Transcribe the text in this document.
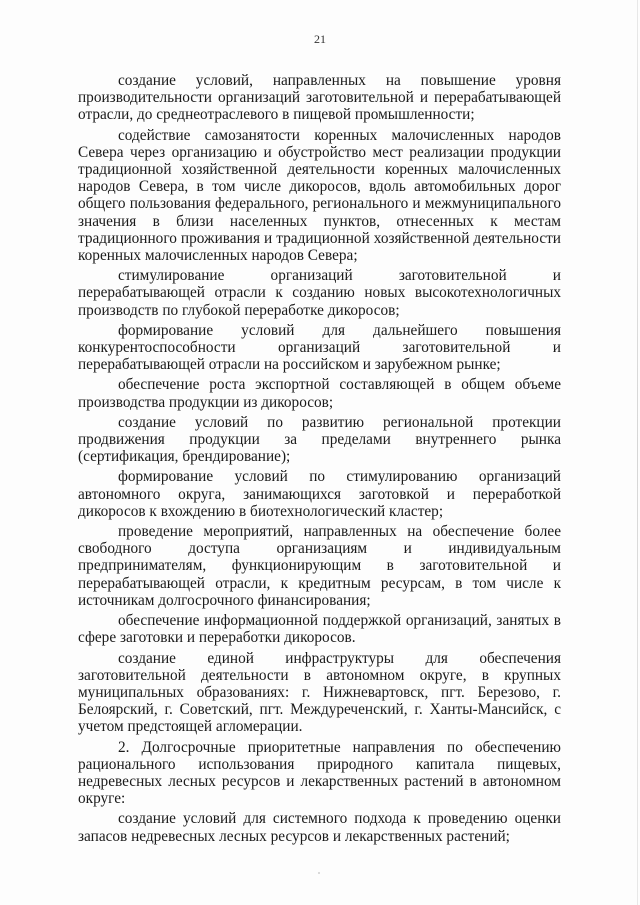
21

создание условий, направленных на повышение уровня производительности организаций заготовительной и перерабатывающей отрасли, до среднеотраслевого в пищевой промышленности;

содействие самозанятости коренных малочисленных народов Севера через организацию и обустройство мест реализации продукции традиционной хозяйственной деятельности коренных малочисленных народов Севера, в том числе дикоросов, вдоль автомобильных дорог общего пользования федерального, регионального и межмуниципального значения в близи населенных пунктов, отнесенных к местам традиционного проживания и традиционной хозяйственной деятельности коренных малочисленных народов Севера;

стимулирование организаций заготовительной и перерабатывающей отрасли к созданию новых высокотехнологичных производств по глубокой переработке дикоросов;

формирование условий для дальнейшего повышения конкурентоспособности организаций заготовительной и перерабатывающей отрасли на российском и зарубежном рынке;

обеспечение роста экспортной составляющей в общем объеме производства продукции из дикоросов;

создание условий по развитию региональной протекции продвижения продукции за пределами внутреннего рынка (сертификация, брендирование);

формирование условий по стимулированию организаций автономного округа, занимающихся заготовкой и переработкой дикоросов к вхождению в биотехнологический кластер;

проведение мероприятий, направленных на обеспечение более свободного доступа организациям и индивидуальным предпринимателям, функционирующим в заготовительной и перерабатывающей отрасли, к кредитным ресурсам, в том числе к источникам долгосрочного финансирования;

обеспечение информационной поддержкой организаций, занятых в сфере заготовки и переработки дикоросов.

создание единой инфраструктуры для обеспечения заготовительной деятельности в автономном округе, в крупных муниципальных образованиях: г. Нижневартовск, пгт. Березово, г. Белоярский, г. Советский, пгт. Междуреченский, г. Ханты-Мансийск, с учетом предстоящей агломерации.

2. Долгосрочные приоритетные направления по обеспечению рационального использования природного капитала пищевых, недревесных лесных ресурсов и лекарственных растений в автономном округе:

создание условий для системного подхода к проведению оценки запасов недревесных лесных ресурсов и лекарственных растений;
